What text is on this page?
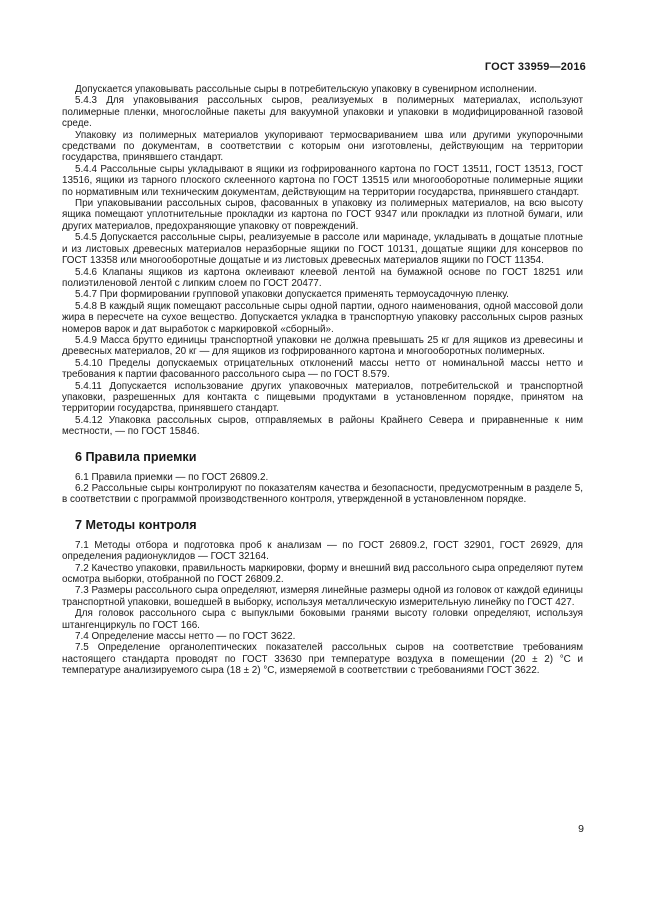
ГОСТ 33959—2016

Допускается упаковывать рассольные сыры в потребительскую упаковку в сувенирном исполнении.

5.4.3 Для упаковывания рассольных сыров, реализуемых в полимерных материалах, используют полимерные пленки, многослойные пакеты для вакуумной упаковки и упаковки в модифицированной газовой среде.

Упаковку из полимерных материалов укупоривают термосвариванием шва или другими укупорочными средствами по документам, в соответствии с которым они изготовлены, действующим на территории государства, принявшего стандарт.

5.4.4 Рассольные сыры укладывают в ящики из гофрированного картона по ГОСТ 13511, ГОСТ 13513, ГОСТ 13516, ящики из тарного плоского склеенного картона по ГОСТ 13515 или многооборотные полимерные ящики по нормативным или техническим документам, действующим на территории государства, принявшего стандарт.

При упаковывании рассольных сыров, фасованных в упаковку из полимерных материалов, на всю высоту ящика помещают уплотнительные прокладки из картона по ГОСТ 9347 или прокладки из плотной бумаги, или других материалов, предохраняющие упаковку от повреждений.

5.4.5 Допускается рассольные сыры, реализуемые в рассоле или маринаде, укладывать в дощатые плотные и из листовых древесных материалов неразборные ящики по ГОСТ 10131, дощатые ящики для консервов по ГОСТ 13358 или многооборотные дощатые и из листовых древесных материалов ящики по ГОСТ 11354.

5.4.6 Клапаны ящиков из картона оклеивают клеевой лентой на бумажной основе по ГОСТ 18251 или полиэтиленовой лентой с липким слоем по ГОСТ 20477.

5.4.7 При формировании групповой упаковки допускается применять термоусадочную пленку.

5.4.8 В каждый ящик помещают рассольные сыры одной партии, одного наименования, одной массовой доли жира в пересчете на сухое вещество. Допускается укладка в транспортную упаковку рассольных сыров разных номеров варок и дат выработок с маркировкой «сборный».

5.4.9 Масса брутто единицы транспортной упаковки не должна превышать 25 кг для ящиков из древесины и древесных материалов, 20 кг — для ящиков из гофрированного картона и многооборотных полимерных.

5.4.10 Пределы допускаемых отрицательных отклонений массы нетто от номинальной массы нетто и требования к партии фасованного рассольного сыра — по ГОСТ 8.579.

5.4.11 Допускается использование других упаковочных материалов, потребительской и транспортной упаковки, разрешенных для контакта с пищевыми продуктами в установленном порядке, принятом на территории государства, принявшего стандарт.

5.4.12 Упаковка рассольных сыров, отправляемых в районы Крайнего Севера и приравненные к ним местности, — по ГОСТ 15846.

6 Правила приемки

6.1 Правила приемки — по ГОСТ 26809.2.

6.2 Рассольные сыры контролируют по показателям качества и безопасности, предусмотренным в разделе 5, в соответствии с программой производственного контроля, утвержденной в установленном порядке.

7 Методы контроля

7.1 Методы отбора и подготовка проб к анализам — по ГОСТ 26809.2, ГОСТ 32901, ГОСТ 26929, для определения радионуклидов — ГОСТ 32164.

7.2 Качество упаковки, правильность маркировки, форму и внешний вид рассольного сыра определяют путем осмотра выборки, отобранной по ГОСТ 26809.2.

7.3 Размеры рассольного сыра определяют, измеряя линейные размеры одной из головок от каждой единицы транспортной упаковки, вошедшей в выборку, используя металлическую измерительную линейку по ГОСТ 427.

Для головок рассольного сыра с выпуклыми боковыми гранями высоту головки определяют, используя штангенциркуль по ГОСТ 166.

7.4 Определение массы нетто — по ГОСТ 3622.

7.5 Определение органолептических показателей рассольных сыров на соответствие требованиям настоящего стандарта проводят по ГОСТ 33630 при температуре воздуха в помещении (20 ± 2) °С и температуре анализируемого сыра (18 ± 2) °С, измеряемой в соответствии с требованиями ГОСТ 3622.

9
